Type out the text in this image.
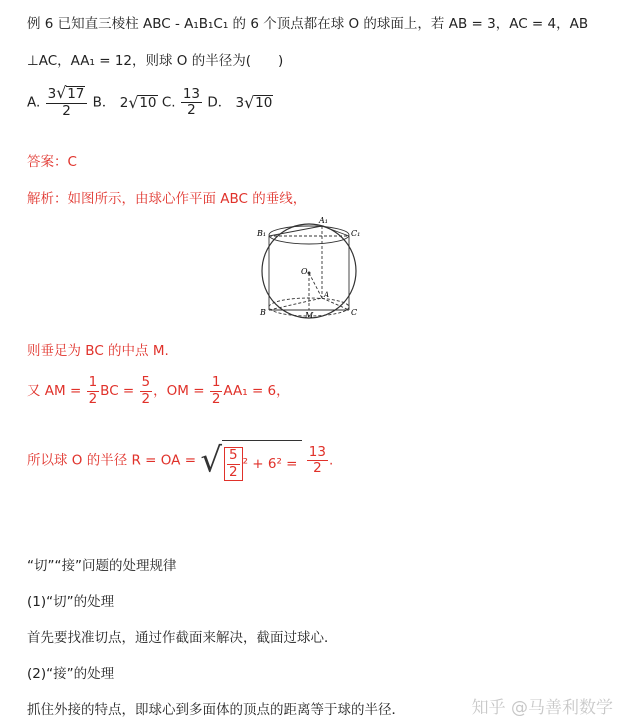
例 6 已知直三棱柱 ABC - A₁B₁C₁ 的 6 个顶点都在球 O 的球面上，若 AB = 3，AC = 4，AB
⊥AC，AA₁ = 12，则球 O 的半径为(　　)
A. $\frac{3 √ 17}{2}$ B． 2 √ 10 C. $\frac{13}{2}$ D． 3 √ 10
答案：C
解析：如图所示，由球心作平面 ABC 的垂线，
A₁
B₁	C₁
O
A
B	M	C
则垂足为 BC 的中点 M.
又 AM = $\frac{1}{2}$ BC = $\frac{5}{2}$ ，OM = $\frac{1}{2} AA_1 = 6$，
所以球 O 的半径 R = OA = √ $\frac{5}{2} ^2 + 6^2 = \frac{13}{2}$ .
“切”“接”问题的处理规律
(1)“切”的处理
首先要找准切点，通过作截面来解决，截面过球心．
(2)“接”的处理
抓住外接的特点，即球心到多面体的顶点的距离等于球的半径．	知乎 @马善利数学
